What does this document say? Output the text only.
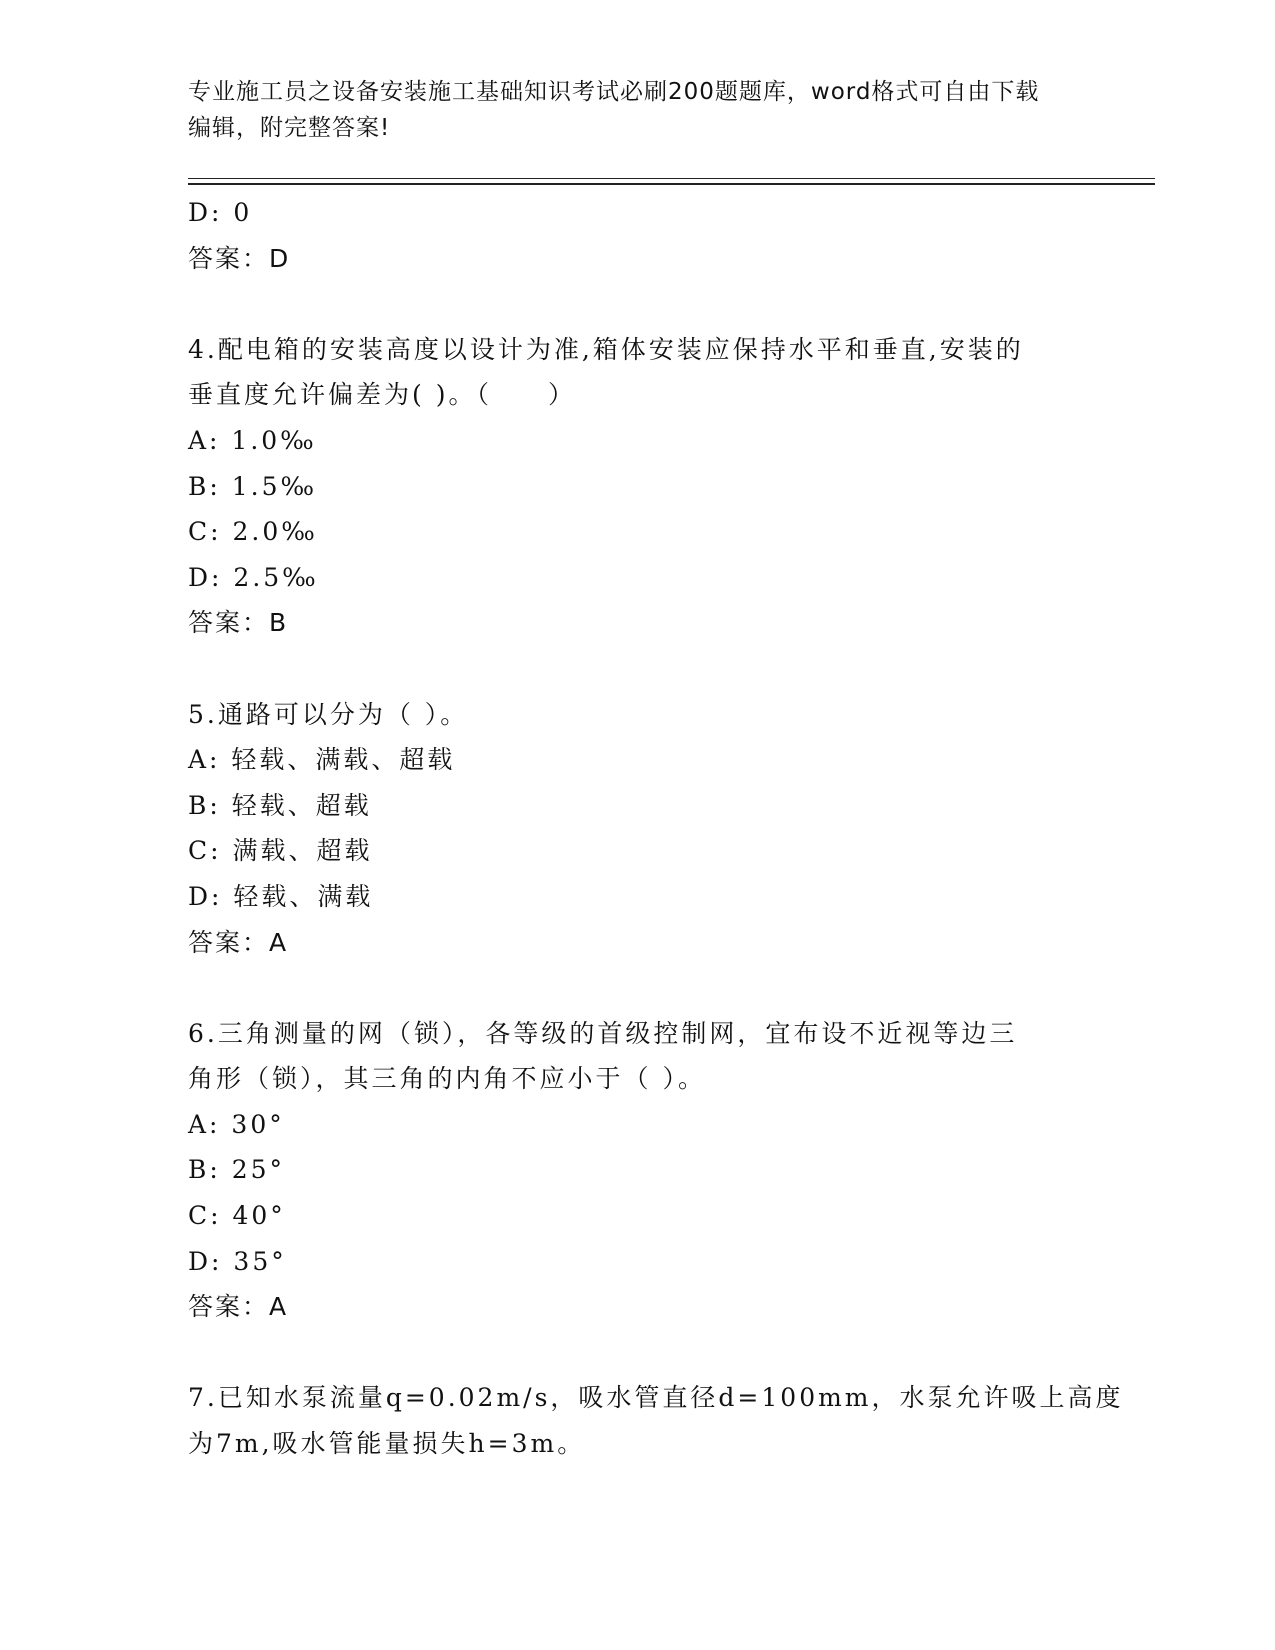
专业施工员之设备安装施工基础知识考试必刷200题题库，word格式可自由下载
编辑，附完整答案!
D: 0
答案：D
4.配电箱的安装高度以设计为准,箱体安装应保持水平和垂直,安装的
垂直度允许偏差为( )。（　　）
A: 1.0‰
B: 1.5‰
C: 2.0‰
D: 2.5‰
答案：B
5.通路可以分为（ ）。
A: 轻载、满载、超载
B: 轻载、超载
C: 满载、超载
D: 轻载、满载
答案：A
6.三角测量的网（锁），各等级的首级控制网，宜布设不近视等边三
角形（锁），其三角的内角不应小于（ ）。
A: 30°
B: 25°
C: 40°
D: 35°
答案：A
7.已知水泵流量q=0.02m/s，吸水管直径d=100mm，水泵允许吸上高度
为7m,吸水管能量损失h=3m。
